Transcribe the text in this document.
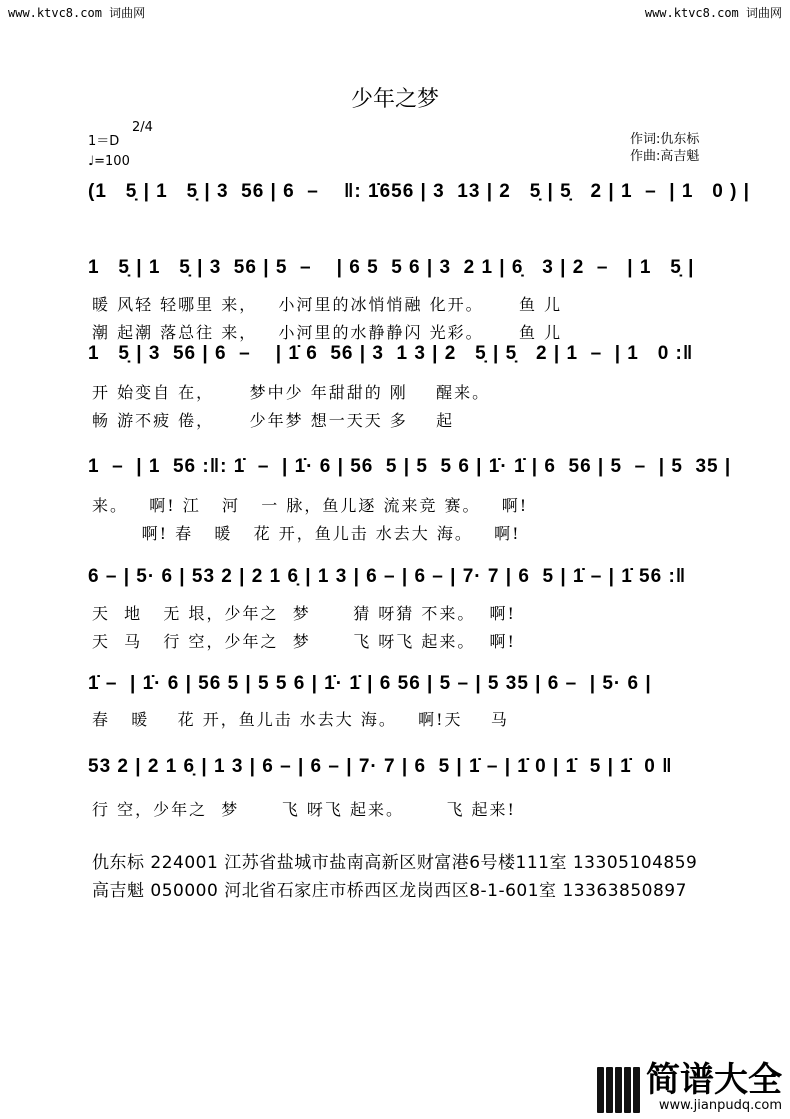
www.ktvc8.com 词曲网	www.ktvc8.com 词曲网
少年之梦
1＝D
2/4
♩=100
作词:仇东标
作曲:高吉魁
(1   5̣ | 1   5̣ | 3  56 | 6  –    ‖: 1̇656 | 3  13 | 2   5̣ | 5̣   2 | 1  –  | 1   0 ) |
1   5̣ | 1   5̣ | 3  56 | 5  –    | 6 5  5 6 | 3  2 1 | 6̣   3 | 2  –   | 1   5̣ |
暖 风轻 轻哪里 来，   小河里的冰悄悄融 化开。     鱼 儿
潮 起潮 落总往 来，   小河里的水静静闪 光彩。     鱼 儿
1   5̣ | 3  56 | 6  –    | 1̇ 6  56 | 3  1 3 | 2   5̣ | 5̣   2 | 1  –  | 1   0 :‖
开 始变自 在，     梦中少 年甜甜的 刚    醒来。
畅 游不疲 倦，     少年梦 想一天天 多    起
1  –  | 1  56 :‖: 1̇  –  | 1̇· 6 | 56  5 | 5  5 6 | 1̇· 1̇ | 6  56 | 5  –  | 5  35 |
来。   啊! 江   河   一 脉，鱼儿逐 流来竞 赛。   啊!
啊! 春   暖   花 开，鱼儿击 水去大 海。   啊!
6 – | 5· 6 | 53 2 | 2 1 6̣ | 1 3 | 6 – | 6 – | 7· 7 | 6  5 | 1̇ – | 1̇ 56 :‖
天  地   无 垠，少年之  梦      猜 呀猜 不来。  啊!
天  马   行 空，少年之  梦      飞 呀飞 起来。  啊!
1̇ –  | 1̇· 6 | 56 5 | 5 5 6 | 1̇· 1̇ | 6 56 | 5 – | 5 35 | 6 –  | 5· 6 |
春   暖    花 开，鱼儿击 水去大 海。   啊!天    马
53 2 | 2 1 6̣ | 1 3 | 6 – | 6 – | 7· 7 | 6  5 | 1̇ – | 1̇ 0 | 1̇  5 | 1̇  0 ‖
行 空，少年之  梦      飞 呀飞 起来。      飞 起来!
仇东标 224001 江苏省盐城市盐南高新区财富港6号楼111室 13305104859
高吉魁 050000 河北省石家庄市桥西区龙岗西区8-1-601室 13363850897
简谱大全
www.jianpudq.com
